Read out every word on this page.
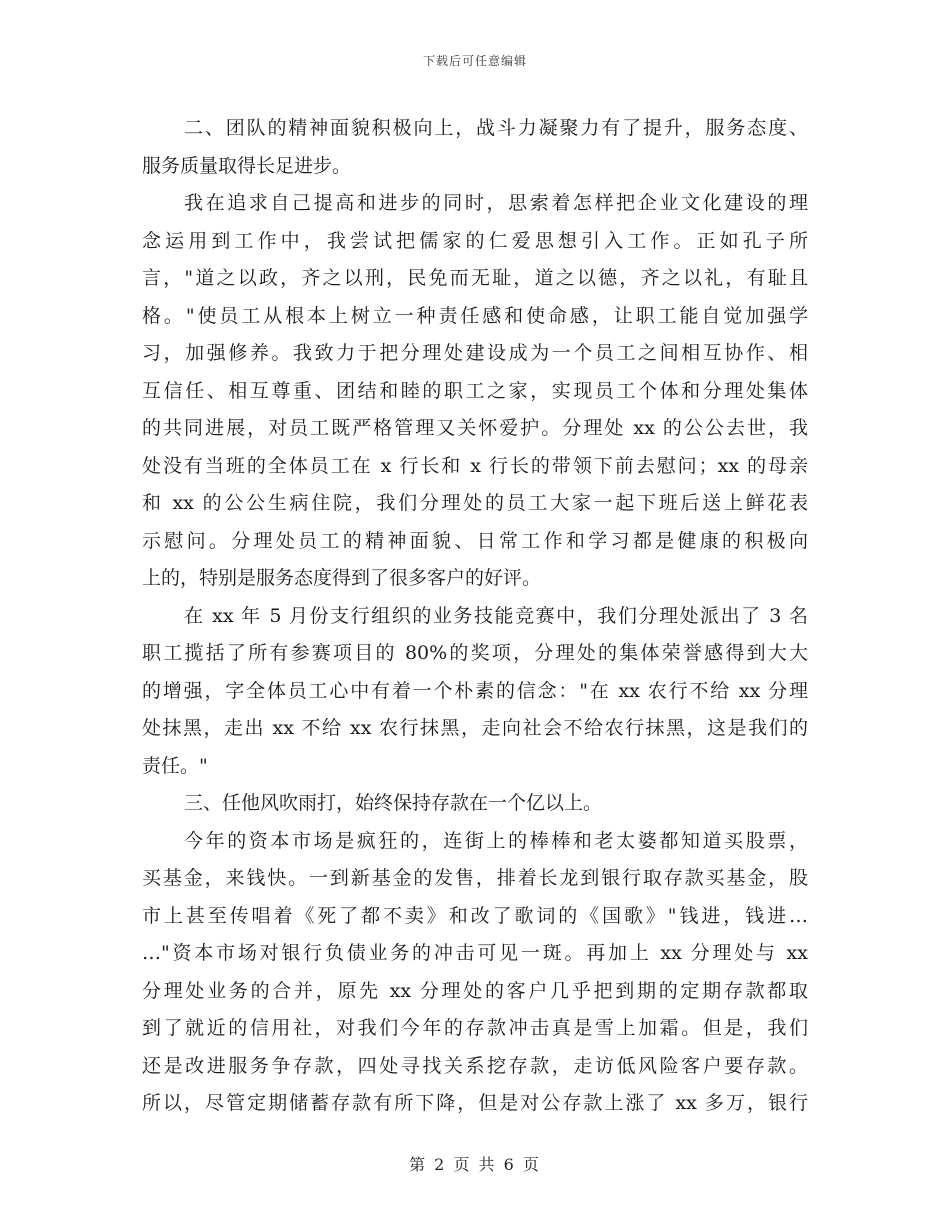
下载后可任意编辑
二、团队的精神面貌积极向上，战斗力凝聚力有了提升，服务态度、
服务质量取得长足进步。
我在追求自己提高和进步的同时，思索着怎样把企业文化建设的理
念运用到工作中，我尝试把儒家的仁爱思想引入工作。正如孔子所
言，"道之以政，齐之以刑，民免而无耻，道之以德，齐之以礼，有耻且
格。"使员工从根本上树立一种责任感和使命感，让职工能自觉加强学
习，加强修养。我致力于把分理处建设成为一个员工之间相互协作、相
互信任、相互尊重、团结和睦的职工之家，实现员工个体和分理处集体
的共同进展，对员工既严格管理又关怀爱护。分理处 xx 的公公去世，我
处没有当班的全体员工在 x 行长和 x 行长的带领下前去慰问；xx 的母亲
和 xx 的公公生病住院，我们分理处的员工大家一起下班后送上鲜花表
示慰问。分理处员工的精神面貌、日常工作和学习都是健康的积极向
上的，特别是服务态度得到了很多客户的好评。
在 xx 年 5 月份支行组织的业务技能竞赛中，我们分理处派出了 3 名
职工揽括了所有参赛项目的 80%的奖项，分理处的集体荣誉感得到大大
的增强，字全体员工心中有着一个朴素的信念："在 xx 农行不给 xx 分理
处抹黑，走出 xx 不给 xx 农行抹黑，走向社会不给农行抹黑，这是我们的
责任。"
三、任他风吹雨打，始终保持存款在一个亿以上。
今年的资本市场是疯狂的，连街上的棒棒和老太婆都知道买股票，
买基金，来钱快。一到新基金的发售，排着长龙到银行取存款买基金，股
市上甚至传唱着《死了都不卖》和改了歌词的《国歌》"钱进，钱进…
…"资本市场对银行负债业务的冲击可见一斑。再加上 xx 分理处与 xx
分理处业务的合并，原先 xx 分理处的客户几乎把到期的定期存款都取
到了就近的信用社，对我们今年的存款冲击真是雪上加霜。但是，我们
还是改进服务争存款，四处寻找关系挖存款，走访低风险客户要存款。
所以，尽管定期储蓄存款有所下降，但是对公存款上涨了 xx 多万，银行
第 2 页 共 6 页
